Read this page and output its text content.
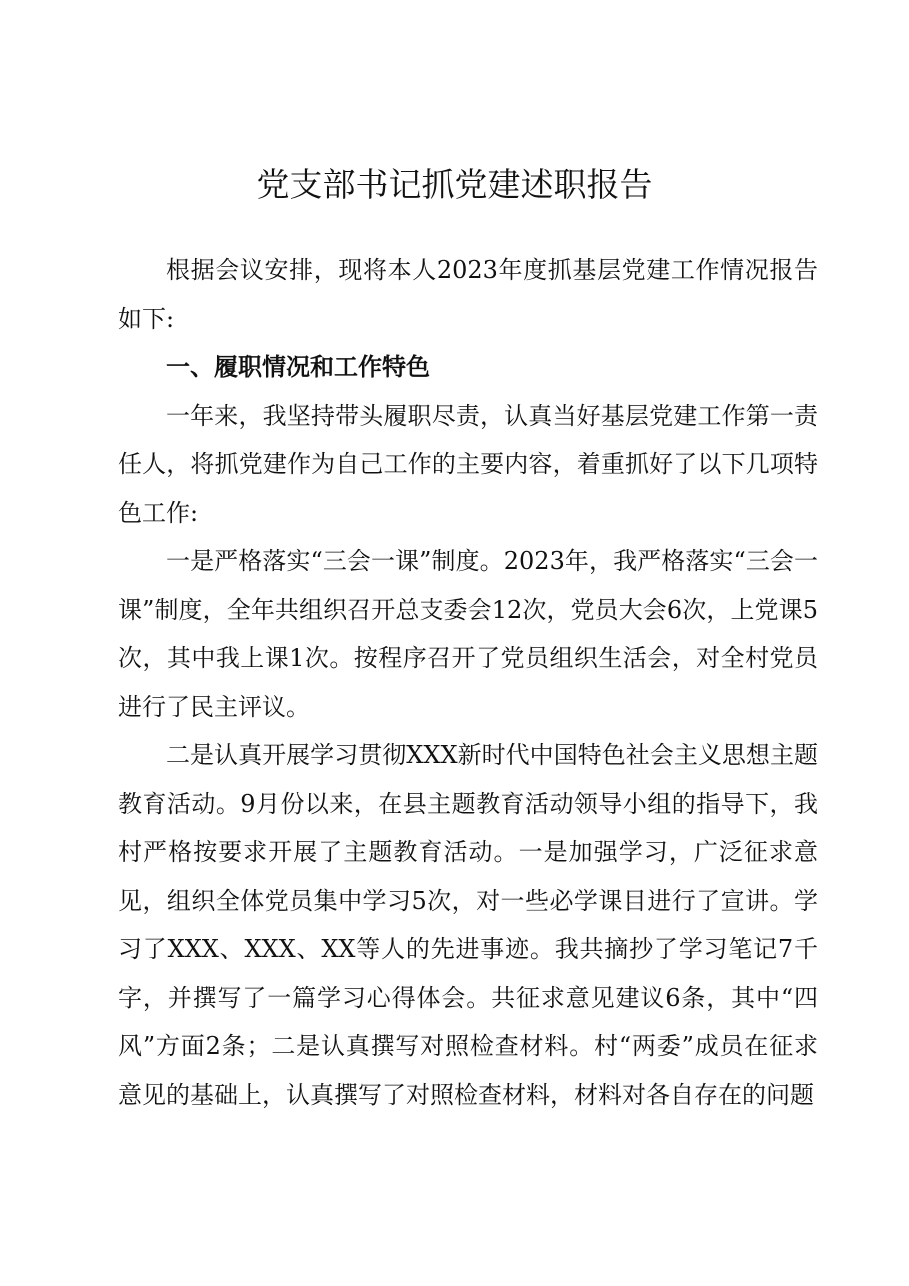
党支部书记抓党建述职报告

根据会议安排，现将本人2023年度抓基层党建工作情况报告如下:

一、履职情况和工作特色

一年来，我坚持带头履职尽责，认真当好基层党建工作第一责任人，将抓党建作为自己工作的主要内容，着重抓好了以下几项特色工作:

一是严格落实“三会一课”制度。2023年，我严格落实“三会一课”制度，全年共组织召开总支委会12次，党员大会6次，上党课5次，其中我上课1次。按程序召开了党员组织生活会，对全村党员进行了民主评议。

二是认真开展学习贯彻XXX新时代中国特色社会主义思想主题教育活动。9月份以来，在县主题教育活动领导小组的指导下，我村严格按要求开展了主题教育活动。一是加强学习，广泛征求意见，组织全体党员集中学习5次，对一些必学课目进行了宣讲。学习了XXX、XXX、XX等人的先进事迹。我共摘抄了学习笔记7千字，并撰写了一篇学习心得体会。共征求意见建议6条，其中“四风”方面2条；二是认真撰写对照检查材料。村“两委”成员在征求意见的基础上，认真撰写了对照检查材料，材料对各自存在的问题
